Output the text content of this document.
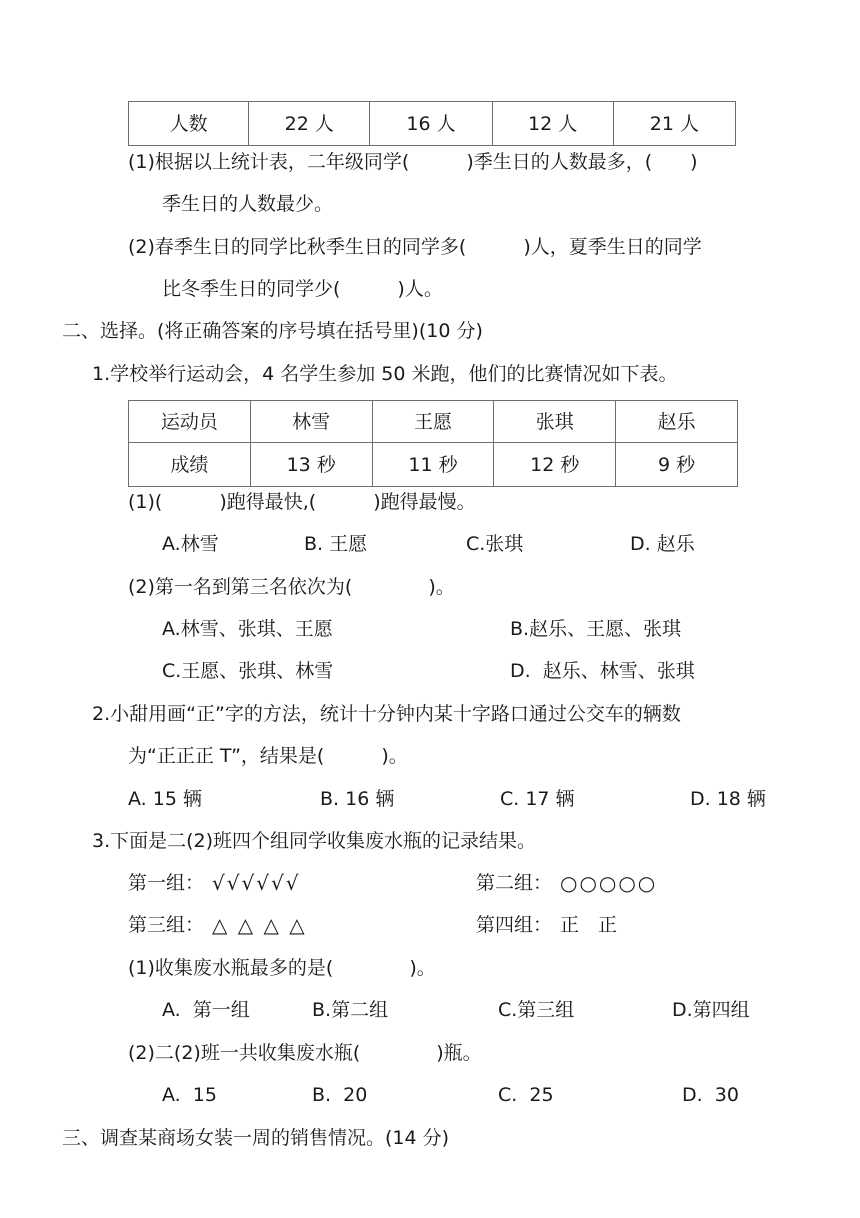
人数	22 人	16 人	12 人	21 人
(1)根据以上统计表，二年级同学(　　　)季生日的人数最多，(　　)
季生日的人数最少。
(2)春季生日的同学比秋季生日的同学多(　　　)人，夏季生日的同学
比冬季生日的同学少(　　　)人。
二、选择。(将正确答案的序号填在括号里)(10 分)
1.学校举行运动会，4 名学生参加 50 米跑，他们的比赛情况如下表。
运动员	林雪	王愿	张琪	赵乐
成绩	13 秒	11 秒	12 秒	9 秒
(1)(　　　)跑得最快,(　　　)跑得最慢。
A.林雪	B. 王愿	C.张琪	D. 赵乐
(2)第一名到第三名依次为(　　　　)。
A.林雪、张琪、王愿	B.赵乐、王愿、张琪
C.王愿、张琪、林雪	D.  赵乐、林雪、张琪
2.小甜用画“正”字的方法，统计十分钟内某十字路口通过公交车的辆数
为“正正正 T”，结果是(　　　)。
A. 15 辆	B. 16 辆	C. 17 辆	D. 18 辆
3.下面是二(2)班四个组同学收集废水瓶的记录结果。
第一组： √√√√√√	第二组： ○○○○○
第三组： △ △ △ △	第四组： 正　正
(1)收集废水瓶最多的是(　　　　)。
A.  第一组	B.第二组	C.第三组	D.第四组
(2)二(2)班一共收集废水瓶(　　　　)瓶。
A.  15	B.  20	C.  25	D.  30
三、调查某商场女装一周的销售情况。(14 分)
